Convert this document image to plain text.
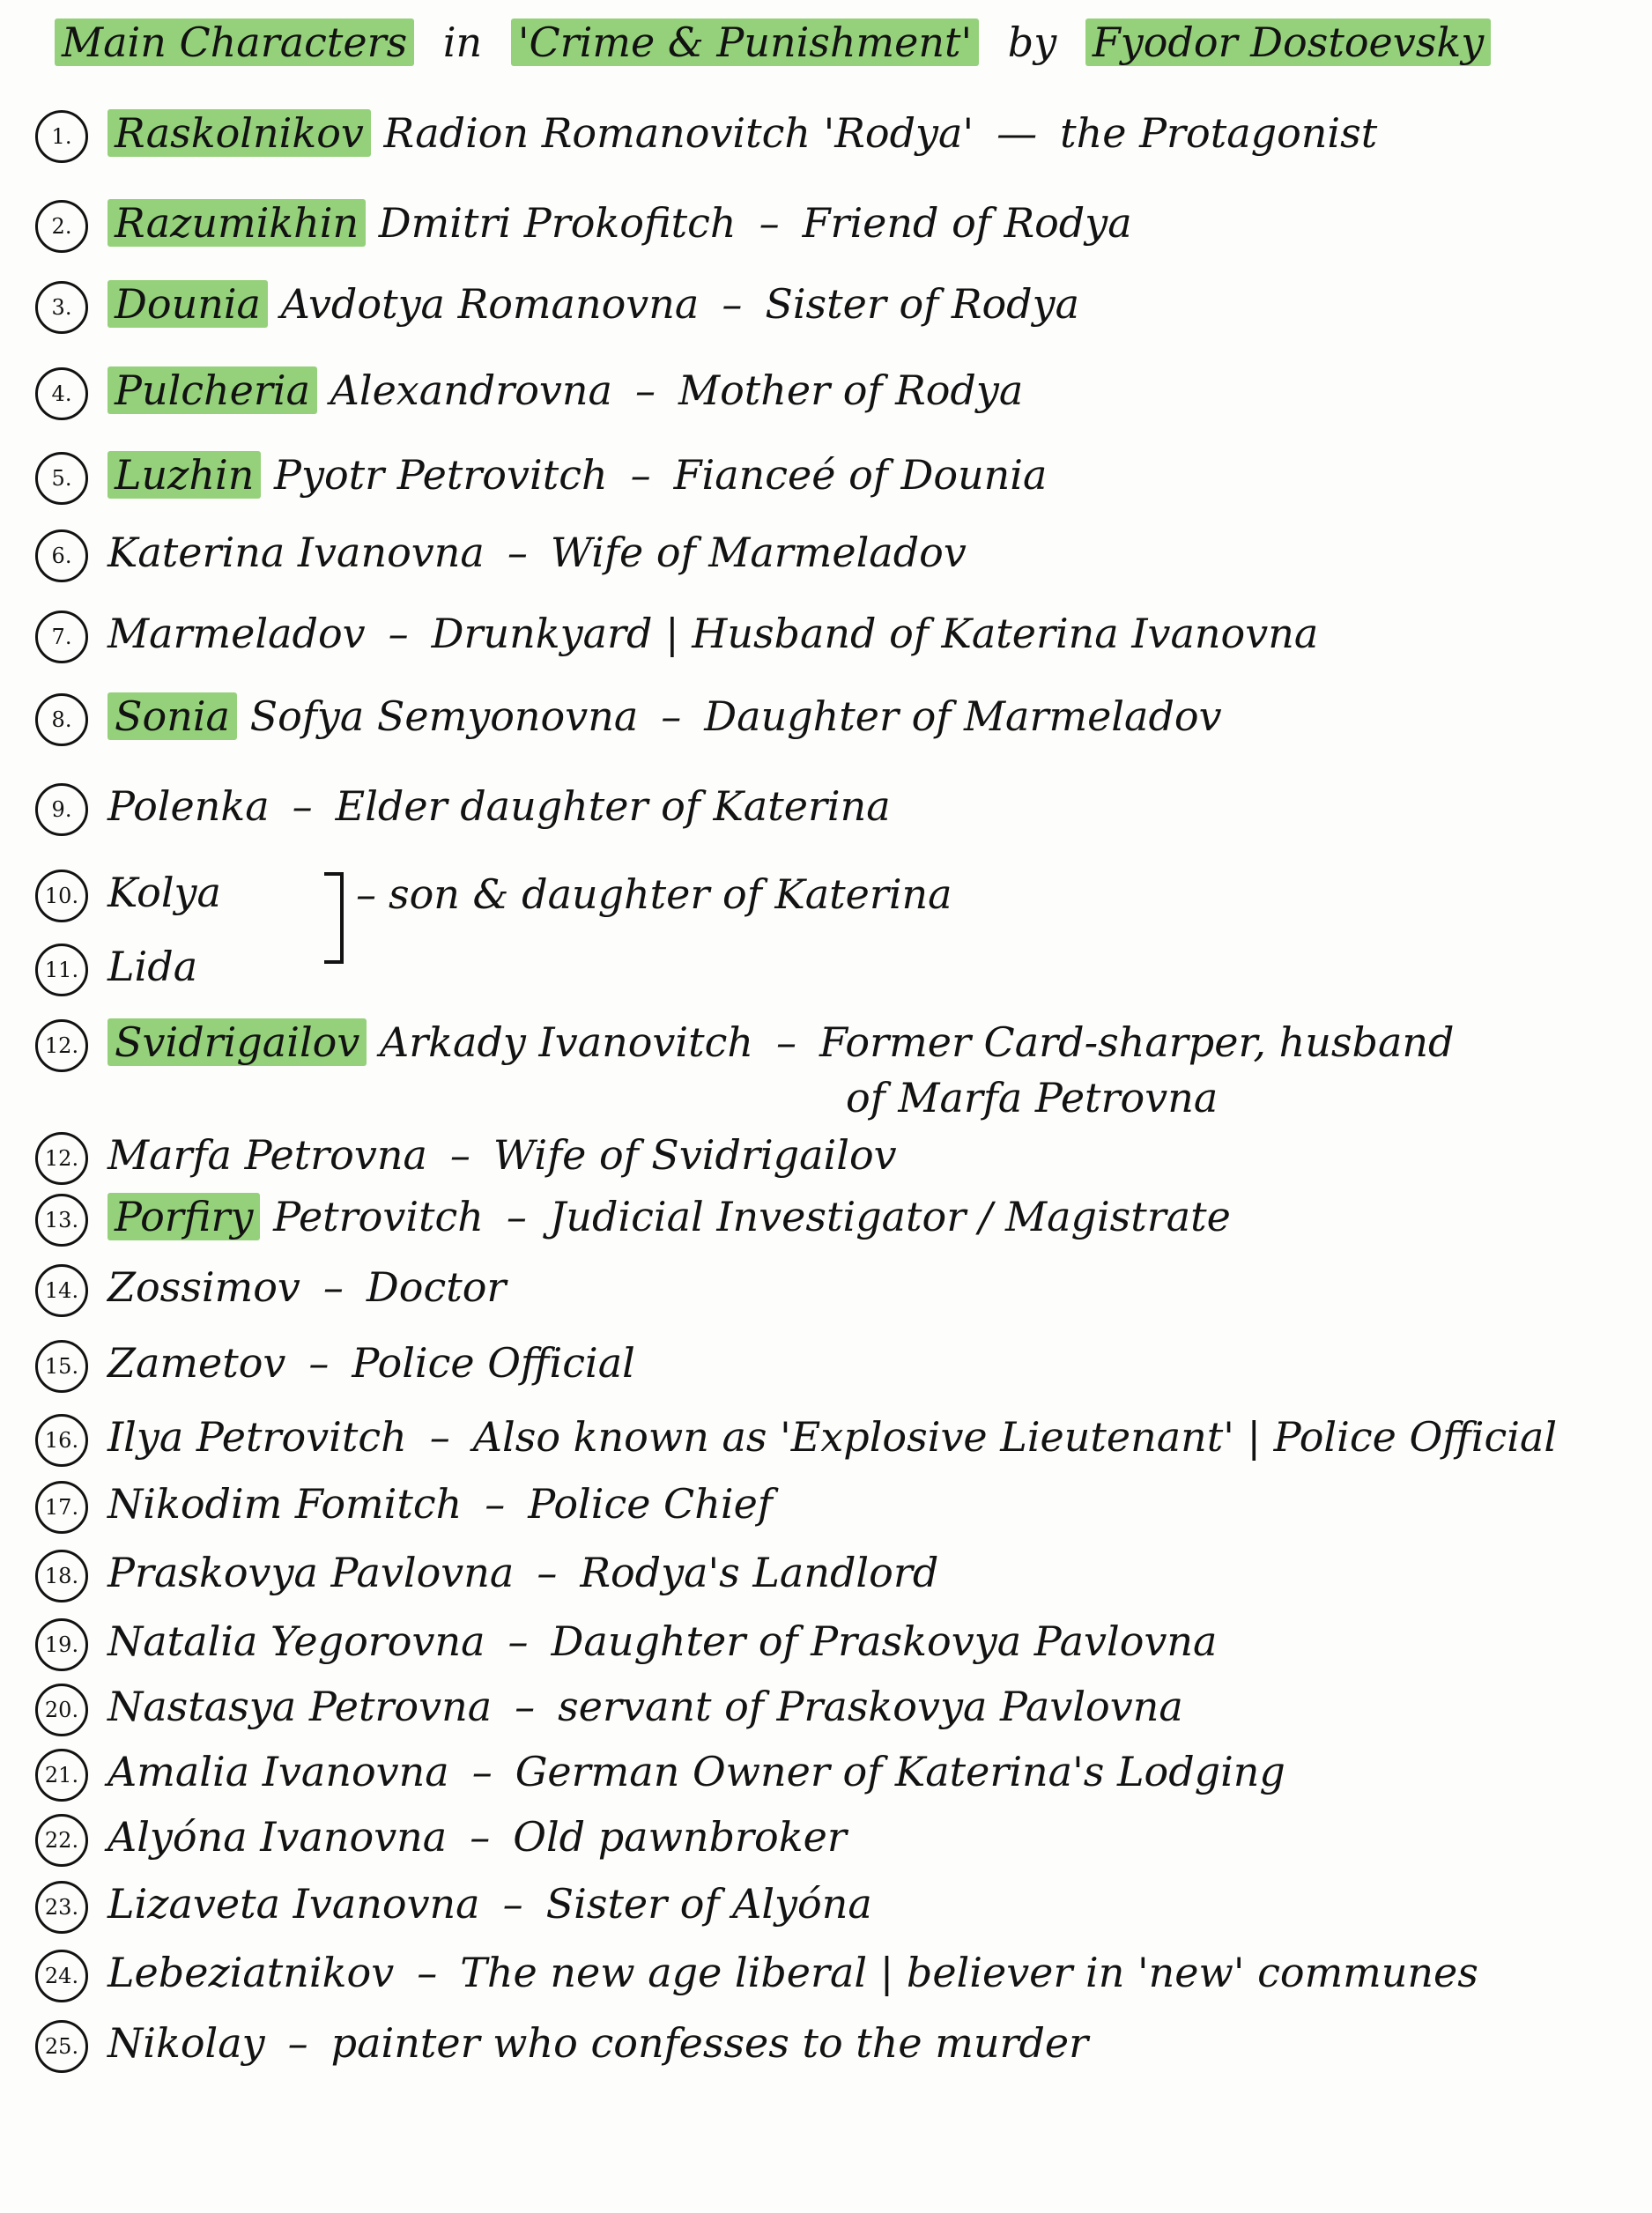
Main Characters in 'Crime & Punishment' by Fyodor Dostoevsky
1. Raskolnikov Radion Romanovitch 'Rodya' — the Protagonist
2. Razumikhin Dmitri Prokofitch – Friend of Rodya
3. Dounia Avdotya Romanovna – Sister of Rodya
4. Pulcheria Alexandrovna – Mother of Rodya
5. Luzhin Pyotr Petrovitch – Fianceé of Dounia
6. Katerina Ivanovna – Wife of Marmeladov
7. Marmeladov – Drunkyard | Husband of Katerina Ivanovna
8. Sonia Sofya Semyonovna – Daughter of Marmeladov
9. Polenka – Elder daughter of Katerina
10. Kolya
11. Lida
– son & daughter of Katerina
12. Svidrigailov Arkady Ivanovitch – Former Card-sharper, husband
of Marfa Petrovna
12. Marfa Petrovna – Wife of Svidrigailov
13. Porfiry Petrovitch – Judicial Investigator / Magistrate
14. Zossimov – Doctor
15. Zametov – Police Official
16. Ilya Petrovitch – Also known as 'Explosive Lieutenant' | Police Official
17. Nikodim Fomitch – Police Chief
18. Praskovya Pavlovna – Rodya's Landlord
19. Natalia Yegorovna – Daughter of Praskovya Pavlovna
20. Nastasya Petrovna – servant of Praskovya Pavlovna
21. Amalia Ivanovna – German Owner of Katerina's Lodging
22. Alyóna Ivanovna – Old pawnbroker
23. Lizaveta Ivanovna – Sister of Alyóna
24. Lebeziatnikov – The new age liberal | believer in 'new' communes
25. Nikolay – painter who confesses to the murder
